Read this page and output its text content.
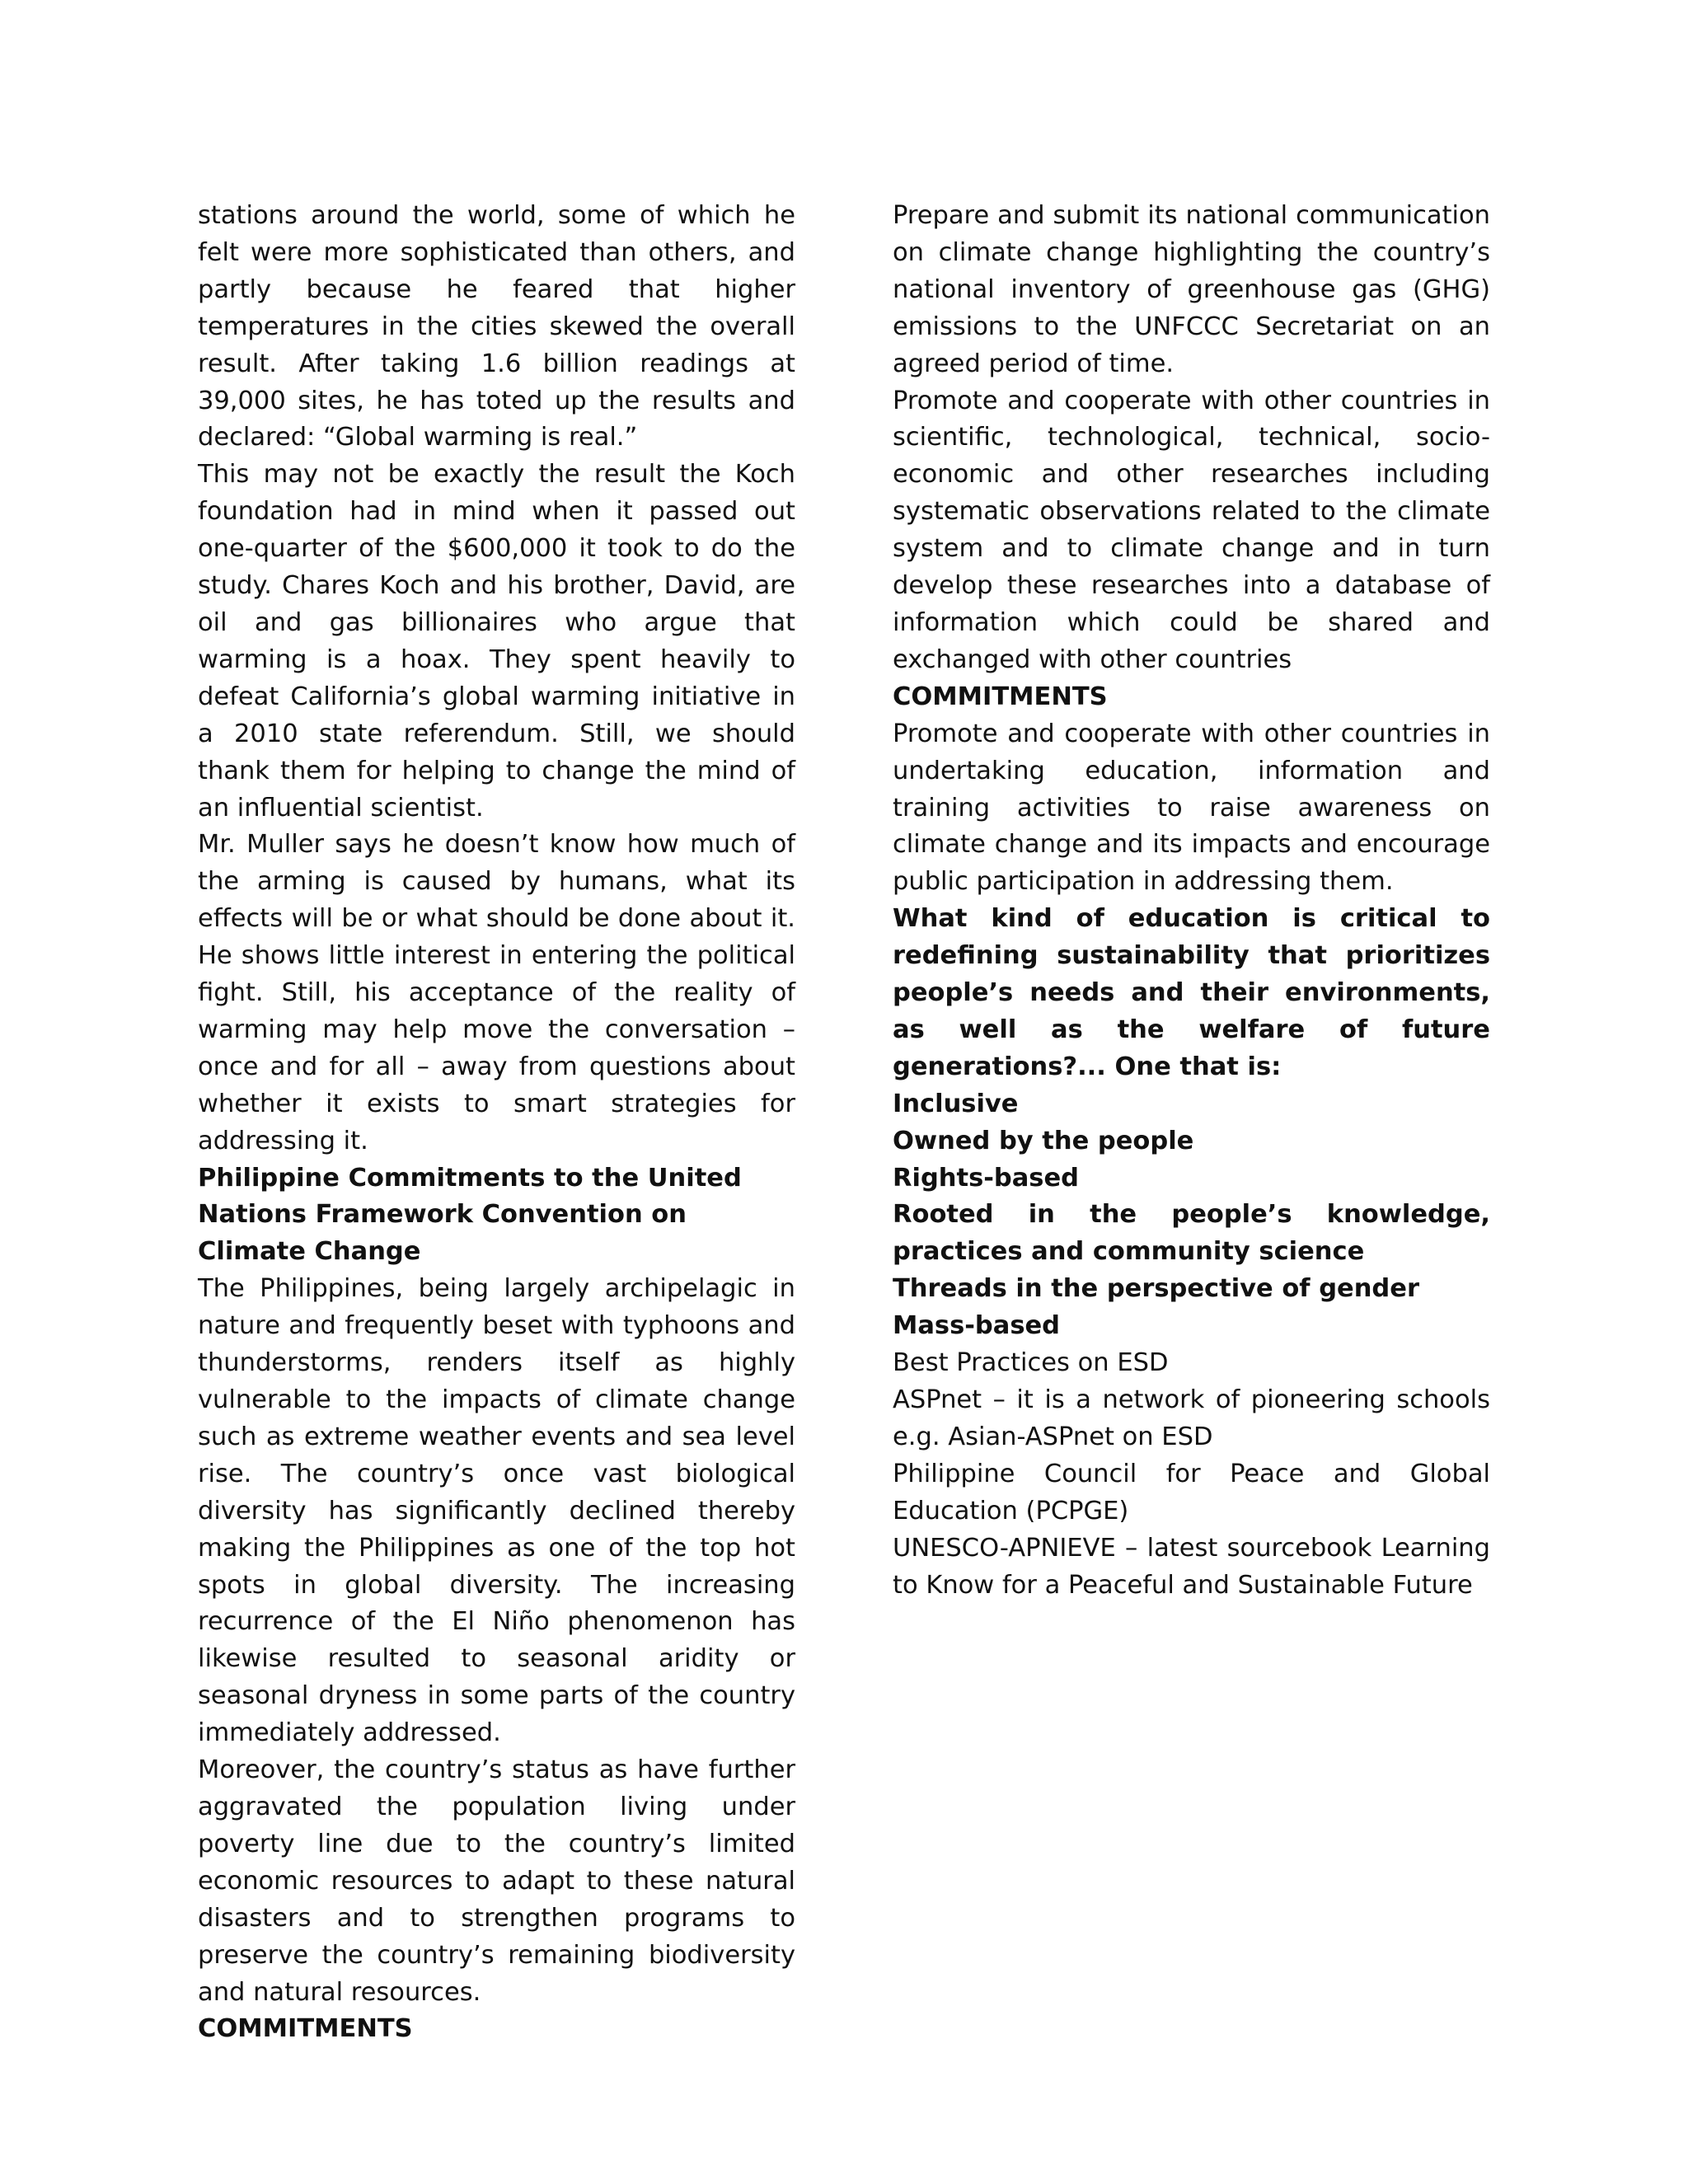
stations around the world, some of which he felt were more sophisticated than others, and partly because he feared that higher temperatures in the cities skewed the overall result. After taking 1.6 billion readings at 39,000 sites, he has toted up the results and declared: “Global warming is real.”

This may not be exactly the result the Koch foundation had in mind when it passed out one-quarter of the $600,000 it took to do the study. Chares Koch and his brother, David, are oil and gas billionaires who argue that warming is a hoax. They spent heavily to defeat California’s global warming initiative in a 2010 state referendum. Still, we should thank them for helping to change the mind of an influential scientist.

Mr. Muller says he doesn’t know how much of the arming is caused by humans, what its effects will be or what should be done about it. He shows little interest in entering the political fight. Still, his acceptance of the reality of warming may help move the conversation – once and for all – away from questions about whether it exists to smart strategies for addressing it.

Philippine Commitments to the United Nations Framework Convention on Climate Change

The Philippines, being largely archipelagic in nature and frequently beset with typhoons and thunderstorms, renders itself as highly vulnerable to the impacts of climate change such as extreme weather events and sea level rise. The country’s once vast biological diversity has significantly declined thereby making the Philippines as one of the top hot spots in global diversity. The increasing recurrence of the El Niño phenomenon has likewise resulted to seasonal aridity or seasonal dryness in some parts of the country immediately addressed.

Moreover, the country’s status as have further aggravated the population living under poverty line due to the country’s limited economic resources to adapt to these natural disasters and to strengthen programs to preserve the country’s remaining biodiversity and natural resources.

COMMITMENTS

Prepare and submit its national communication on climate change highlighting the country’s national inventory of greenhouse gas (GHG) emissions to the UNFCCC Secretariat on an agreed period of time.

Promote and cooperate with other countries in scientific, technological, technical, socio-economic and other researches including systematic observations related to the climate system and to climate change and in turn develop these researches into a database of information which could be shared and exchanged with other countries

COMMITMENTS

Promote and cooperate with other countries in undertaking education, information and training activities to raise awareness on climate change and its impacts and encourage public participation in addressing them.

What kind of education is critical to redefining sustainability that prioritizes people’s needs and their environments, as well as the welfare of future generations?... One that is:

Inclusive

Owned by the people

Rights-based

Rooted in the people’s knowledge, practices and community science

Threads in the perspective of gender

Mass-based

Best Practices on ESD

ASPnet – it is a network of pioneering schools e.g. Asian-ASPnet on ESD

Philippine Council for Peace and Global Education (PCPGE)

UNESCO-APNIEVE – latest sourcebook Learning to Know for a Peaceful and Sustainable Future
